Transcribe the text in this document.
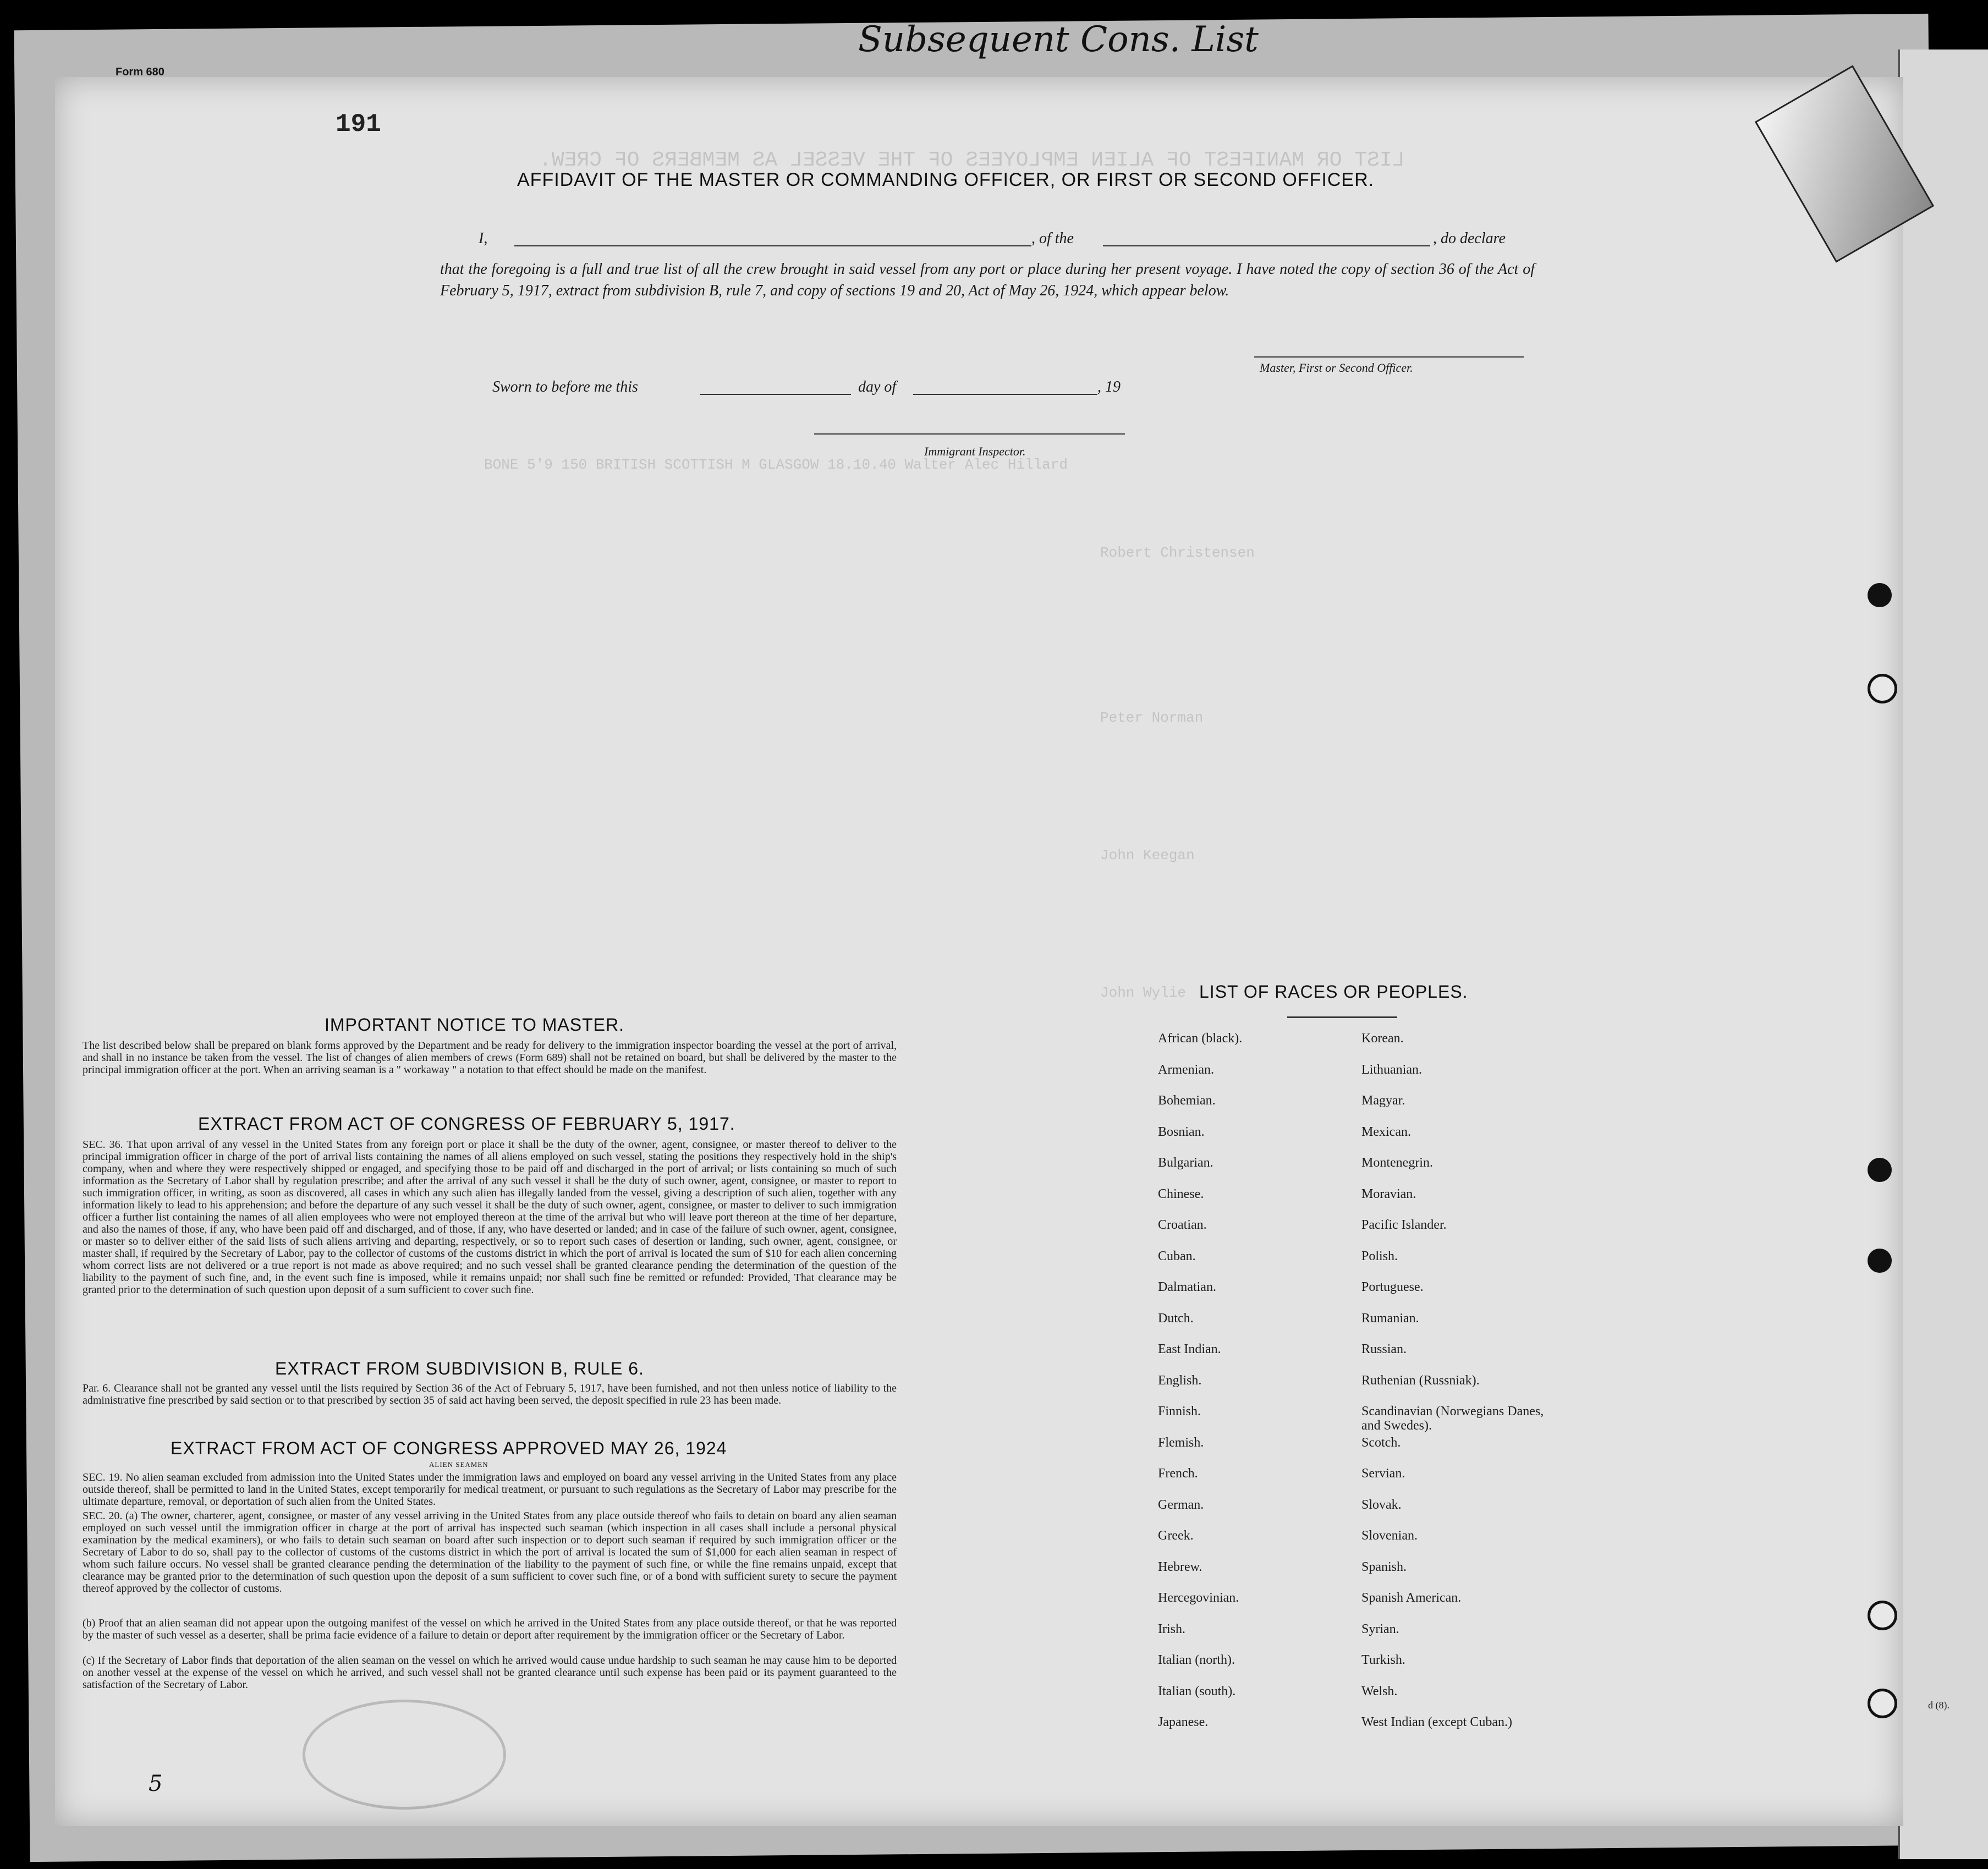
LIST OR MANIFEST OF ALIEN EMPLOYEES OF THE VESSEL AS MEMBERS OF CREW.
BONE 5'9 150 BRITISH SCOTTISH M GLASGOW 18.10.40 Walter Alec Hillard
Robert Christensen
Peter Norman
John Keegan
John Wylie
Form 680
Subsequent Cons. List
191
AFFIDAVIT OF THE MASTER OR COMMANDING OFFICER, OR FIRST OR SECOND OFFICER.
I,	, of the	, do declare
that the foregoing is a full and true list of all the crew brought in said vessel from any port or place during her present voyage. I have noted the copy of section 36 of the Act of February 5, 1917, extract from subdivision B, rule 7, and copy of sections 19 and 20, Act of May 26, 1924, which appear below.
Master, First or Second Officer.
Sworn to before me this	day of	, 19
Immigrant Inspector.
IMPORTANT NOTICE TO MASTER.
The list described below shall be prepared on blank forms approved by the Department and be ready for delivery to the immigration inspector boarding the vessel at the port of arrival, and shall in no instance be taken from the vessel. The list of changes of alien members of crews (Form 689) shall not be retained on board, but shall be delivered by the master to the principal immigration officer at the port. When an arriving seaman is a " workaway " a notation to that effect should be made on the manifest.
EXTRACT FROM ACT OF CONGRESS OF FEBRUARY 5, 1917.
SEC. 36. That upon arrival of any vessel in the United States from any foreign port or place it shall be the duty of the owner, agent, consignee, or master thereof to deliver to the principal immigration officer in charge of the port of arrival lists containing the names of all aliens employed on such vessel, stating the positions they respectively hold in the ship's company, when and where they were respectively shipped or engaged, and specifying those to be paid off and discharged in the port of arrival; or lists containing so much of such information as the Secretary of Labor shall by regulation prescribe; and after the arrival of any such vessel it shall be the duty of such owner, agent, consignee, or master to report to such immigration officer, in writing, as soon as discovered, all cases in which any such alien has illegally landed from the vessel, giving a description of such alien, together with any information likely to lead to his apprehension; and before the departure of any such vessel it shall be the duty of such owner, agent, consignee, or master to deliver to such immigration officer a further list containing the names of all alien employees who were not employed thereon at the time of the arrival but who will leave port thereon at the time of her departure, and also the names of those, if any, who have been paid off and discharged, and of those, if any, who have deserted or landed; and in case of the failure of such owner, agent, consignee, or master so to deliver either of the said lists of such aliens arriving and departing, respectively, or so to report such cases of desertion or landing, such owner, agent, consignee, or master shall, if required by the Secretary of Labor, pay to the collector of customs of the customs district in which the port of arrival is located the sum of $10 for each alien concerning whom correct lists are not delivered or a true report is not made as above required; and no such vessel shall be granted clearance pending the determination of the question of the liability to the payment of such fine, and, in the event such fine is imposed, while it remains unpaid; nor shall such fine be remitted or refunded: Provided, That clearance may be granted prior to the determination of such question upon deposit of a sum sufficient to cover such fine.
EXTRACT FROM SUBDIVISION B, RULE 6.
Par. 6. Clearance shall not be granted any vessel until the lists required by Section 36 of the Act of February 5, 1917, have been furnished, and not then unless notice of liability to the administrative fine prescribed by said section or to that prescribed by section 35 of said act having been served, the deposit specified in rule 23 has been made.
EXTRACT FROM ACT OF CONGRESS APPROVED MAY 26, 1924
ALIEN SEAMEN
SEC. 19. No alien seaman excluded from admission into the United States under the immigration laws and employed on board any vessel arriving in the United States from any place outside thereof, shall be permitted to land in the United States, except temporarily for medical treatment, or pursuant to such regulations as the Secretary of Labor may prescribe for the ultimate departure, removal, or deportation of such alien from the United States.
SEC. 20. (a) The owner, charterer, agent, consignee, or master of any vessel arriving in the United States from any place outside thereof who fails to detain on board any alien seaman employed on such vessel until the immigration officer in charge at the port of arrival has inspected such seaman (which inspection in all cases shall include a personal physical examination by the medical examiners), or who fails to detain such seaman on board after such inspection or to deport such seaman if required by such immigration officer or the Secretary of Labor to do so, shall pay to the collector of customs of the customs district in which the port of arrival is located the sum of $1,000 for each alien seaman in respect of whom such failure occurs. No vessel shall be granted clearance pending the determination of the liability to the payment of such fine, or while the fine remains unpaid, except that clearance may be granted prior to the determination of such question upon the deposit of a sum sufficient to cover such fine, or of a bond with sufficient surety to secure the payment thereof approved by the collector of customs.
(b) Proof that an alien seaman did not appear upon the outgoing manifest of the vessel on which he arrived in the United States from any place outside thereof, or that he was reported by the master of such vessel as a deserter, shall be prima facie evidence of a failure to detain or deport after requirement by the immigration officer or the Secretary of Labor.
(c) If the Secretary of Labor finds that deportation of the alien seaman on the vessel on which he arrived would cause undue hardship to such seaman he may cause him to be deported on another vessel at the expense of the vessel on which he arrived, and such vessel shall not be granted clearance until such expense has been paid or its payment guaranteed to the satisfaction of the Secretary of Labor.
LIST OF RACES OR PEOPLES.
African (black).
Armenian.
Bohemian.
Bosnian.
Bulgarian.
Chinese.
Croatian.
Cuban.
Dalmatian.
Dutch.
East Indian.
English.
Finnish.
Flemish.
French.
German.
Greek.
Hebrew.
Hercegovinian.
Irish.
Italian (north).
Italian (south).
Japanese.
Korean.
Lithuanian.
Magyar.
Mexican.
Montenegrin.
Moravian.
Pacific Islander.
Polish.
Portuguese.
Rumanian.
Russian.
Ruthenian (Russniak).
Scandinavian (Norwegians Danes, and Swedes).
Scotch.
Servian.
Slovak.
Slovenian.
Spanish.
Spanish American.
Syrian.
Turkish.
Welsh.
West Indian (except Cuban.)
5
d (8).
